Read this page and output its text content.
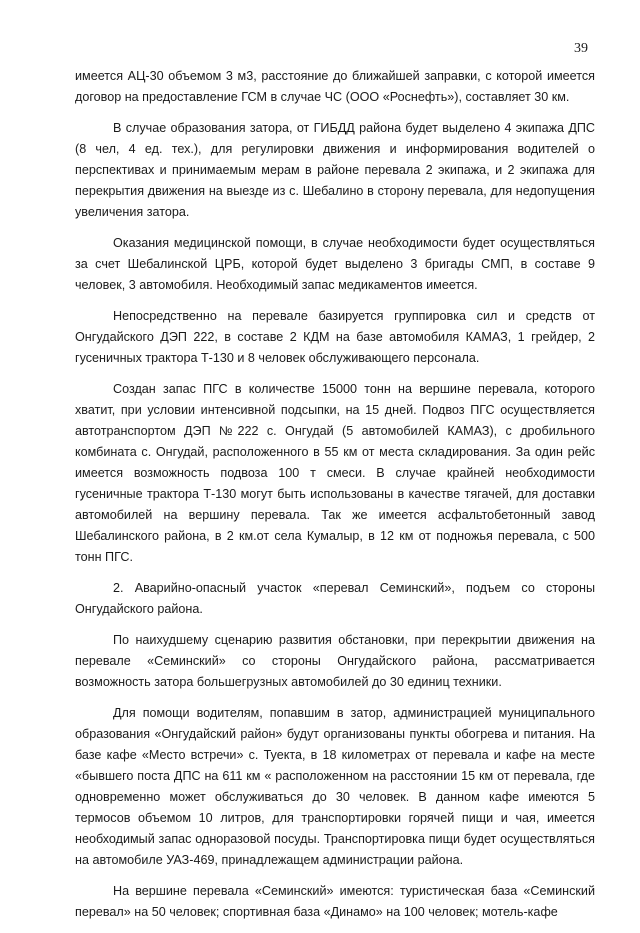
39

имеется АЦ-30 объемом 3 м3, расстояние до ближайшей заправки, с которой имеется договор на предоставление ГСМ в случае ЧС (ООО «Роснефть»), составляет 30 км.

В случае образования затора, от ГИБДД района будет выделено 4 экипажа ДПС (8 чел, 4 ед. тех.), для регулировки движения и информирования водителей о перспективах и принимаемым мерам в районе перевала 2 экипажа, и 2 экипажа для перекрытия движения на выезде из с. Шебалино в сторону перевала, для недопущения увеличения затора.

Оказания медицинской помощи, в случае необходимости будет осуществляться за счет Шебалинской ЦРБ, которой будет выделено 3 бригады СМП, в составе 9 человек, 3 автомобиля. Необходимый запас медикаментов имеется.

Непосредственно на перевале базируется группировка сил и средств от Онгудайского ДЭП 222, в составе 2 КДМ на базе автомобиля КАМАЗ, 1 грейдер, 2 гусеничных трактора Т-130 и 8 человек обслуживающего персонала.

Создан запас ПГС в количестве 15000 тонн на вершине перевала, которого хватит, при условии интенсивной подсыпки, на 15 дней. Подвоз ПГС осуществляется автотранспортом ДЭП №222 с. Онгудай (5 автомобилей КАМАЗ), с дробильного комбината с. Онгудай, расположенного в 55 км от места складирования. За один рейс имеется возможность подвоза 100 т смеси. В случае крайней необходимости гусеничные трактора Т-130 могут быть использованы в качестве тягачей, для доставки автомобилей на вершину перевала. Так же имеется асфальтобетонный завод Шебалинского района, в 2 км.от села Кумалыр, в 12 км от подножья перевала, с 500 тонн ПГС.

2. Аварийно-опасный участок «перевал Семинский», подъем со стороны Онгудайского района.

По наихудшему сценарию развития обстановки, при перекрытии движения на перевале «Семинский» со стороны Онгудайского района, рассматривается возможность затора большегрузных автомобилей до 30 единиц техники.

Для помощи водителям, попавшим в затор, администрацией муниципального образования «Онгудайский район» будут организованы пункты обогрева и питания. На базе кафе «Место встречи» с. Туекта, в 18 километрах от перевала и кафе на месте «бывшего поста ДПС на 611 км « расположенном на расстоянии 15 км от перевала, где одновременно может обслуживаться до 30 человек. В данном кафе имеются 5 термосов объемом 10 литров, для транспортировки горячей пищи и чая, имеется необходимый запас одноразовой посуды. Транспортировка пищи будет осуществляться на автомобиле УАЗ-469, принадлежащем администрации района.

На вершине перевала «Семинский» имеются: туристическая база «Семинский перевал» на 50 человек; спортивная база «Динамо» на 100 человек; мотель-кафе
